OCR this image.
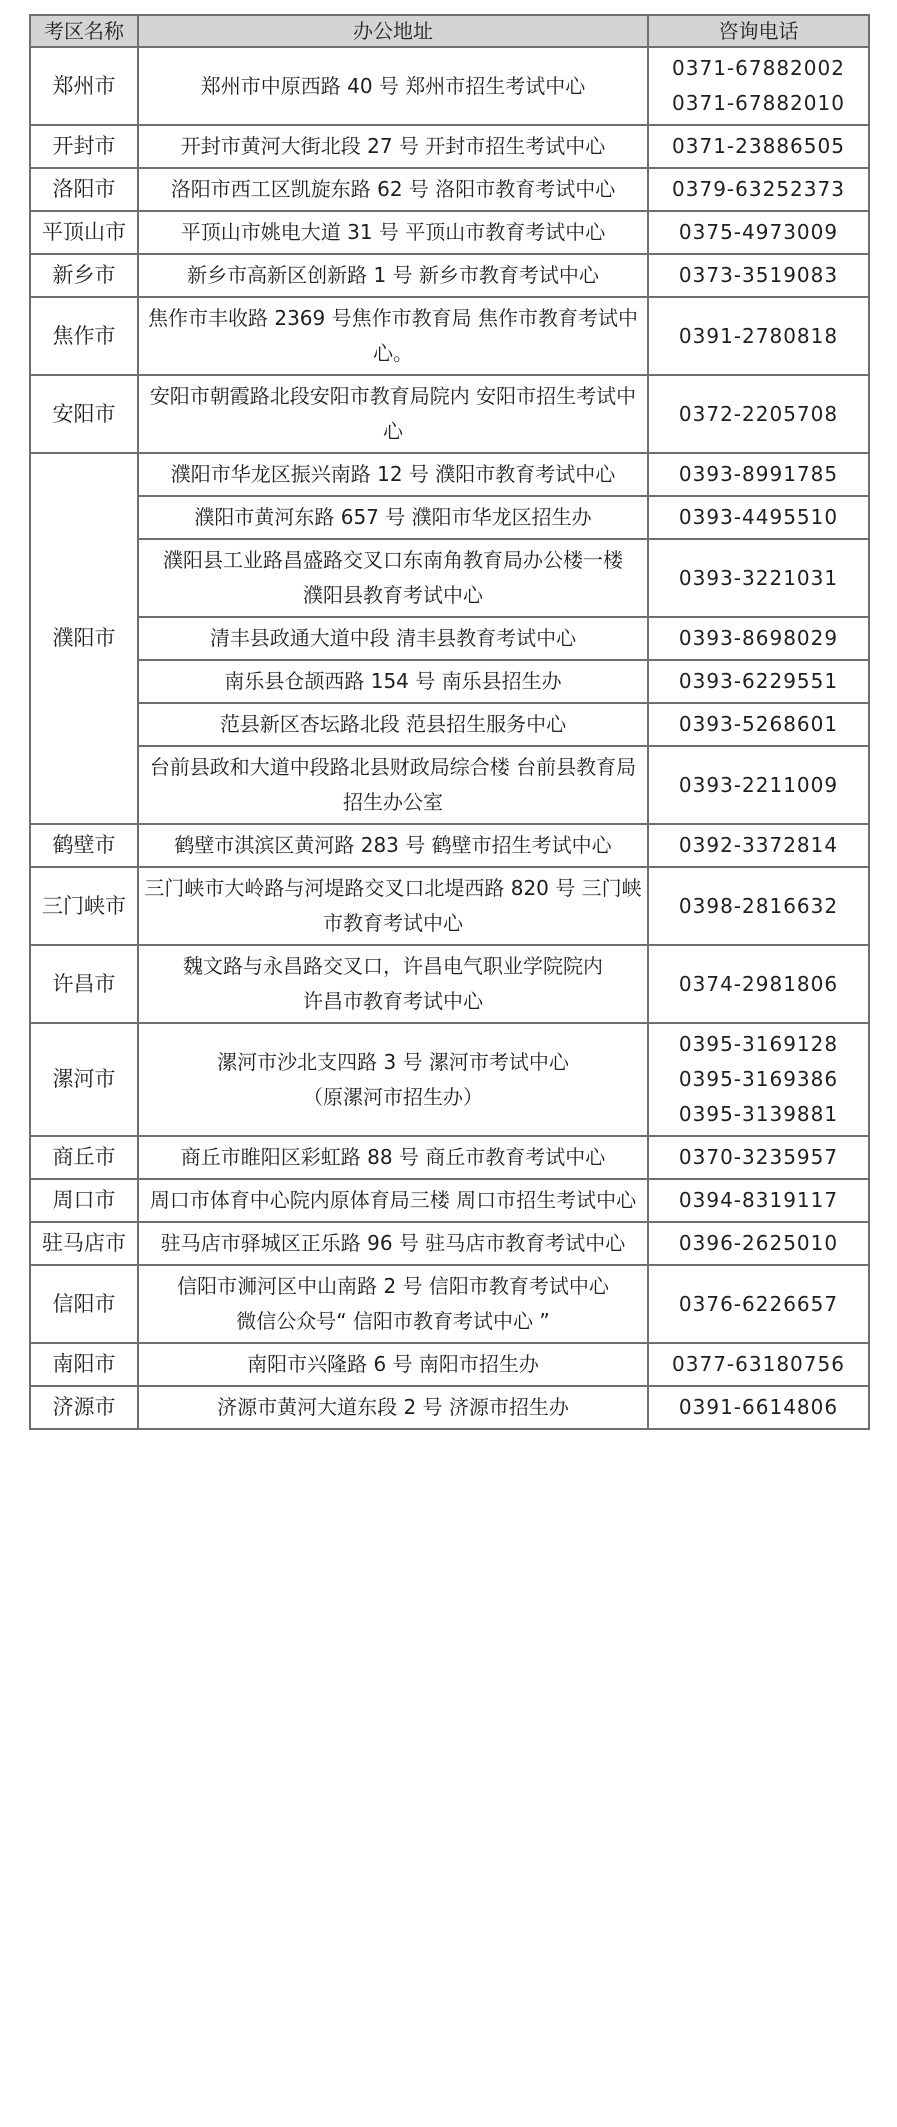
考区名称	办公地址	咨询电话
郑州市	郑州市中原西路 40 号 郑州市招生考试中心	0371-67882002
0371-67882010

开封市	开封市黄河大街北段 27 号 开封市招生考试中心	0371-23886505

洛阳市	洛阳市西工区凯旋东路 62 号 洛阳市教育考试中心	0379-63252373

平顶山市	平顶山市姚电大道 31 号 平顶山市教育考试中心	0375-4973009

新乡市	新乡市高新区创新路 1 号 新乡市教育考试中心	0373-3519083

焦作市	焦作市丰收路 2369 号焦作市教育局 焦作市教育考试中心。	0391-2780818

安阳市	安阳市朝霞路北段安阳市教育局院内 安阳市招生考试中心	0372-2205708

濮阳市	濮阳市华龙区振兴南路 12 号 濮阳市教育考试中心	0393-8991785

	濮阳市黄河东路 657 号 濮阳市华龙区招生办	0393-4495510

	濮阳县工业路昌盛路交叉口东南角教育局办公楼一楼
濮阳县教育考试中心	0393-3221031

	清丰县政通大道中段 清丰县教育考试中心	0393-8698029

	南乐县仓颉西路 154 号 南乐县招生办	0393-6229551

	范县新区杏坛路北段 范县招生服务中心	0393-5268601

	台前县政和大道中段路北县财政局综合楼 台前县教育局招生办公室	0393-2211009

鹤壁市	鹤壁市淇滨区黄河路 283 号 鹤壁市招生考试中心	0392-3372814

三门峡市	三门峡市大岭路与河堤路交叉口北堤西路 820 号 三门峡市教育考试中心	0398-2816632

许昌市	魏文路与永昌路交叉口，许昌电气职业学院院内
许昌市教育考试中心	0374-2981806

漯河市	漯河市沙北支四路 3 号 漯河市考试中心
（原漯河市招生办）	0395-3169128
0395-3169386
0395-3139881

商丘市	商丘市睢阳区彩虹路 88 号 商丘市教育考试中心	0370-3235957

周口市	周口市体育中心院内原体育局三楼 周口市招生考试中心	0394-8319117

驻马店市	驻马店市驿城区正乐路 96 号 驻马店市教育考试中心	0396-2625010

信阳市	信阳市浉河区中山南路 2 号 信阳市教育考试中心
微信公众号“ 信阳市教育考试中心 ”	0376-6226657

南阳市	南阳市兴隆路 6 号 南阳市招生办	0377-63180756

济源市	济源市黄河大道东段 2 号 济源市招生办	0391-6614806
